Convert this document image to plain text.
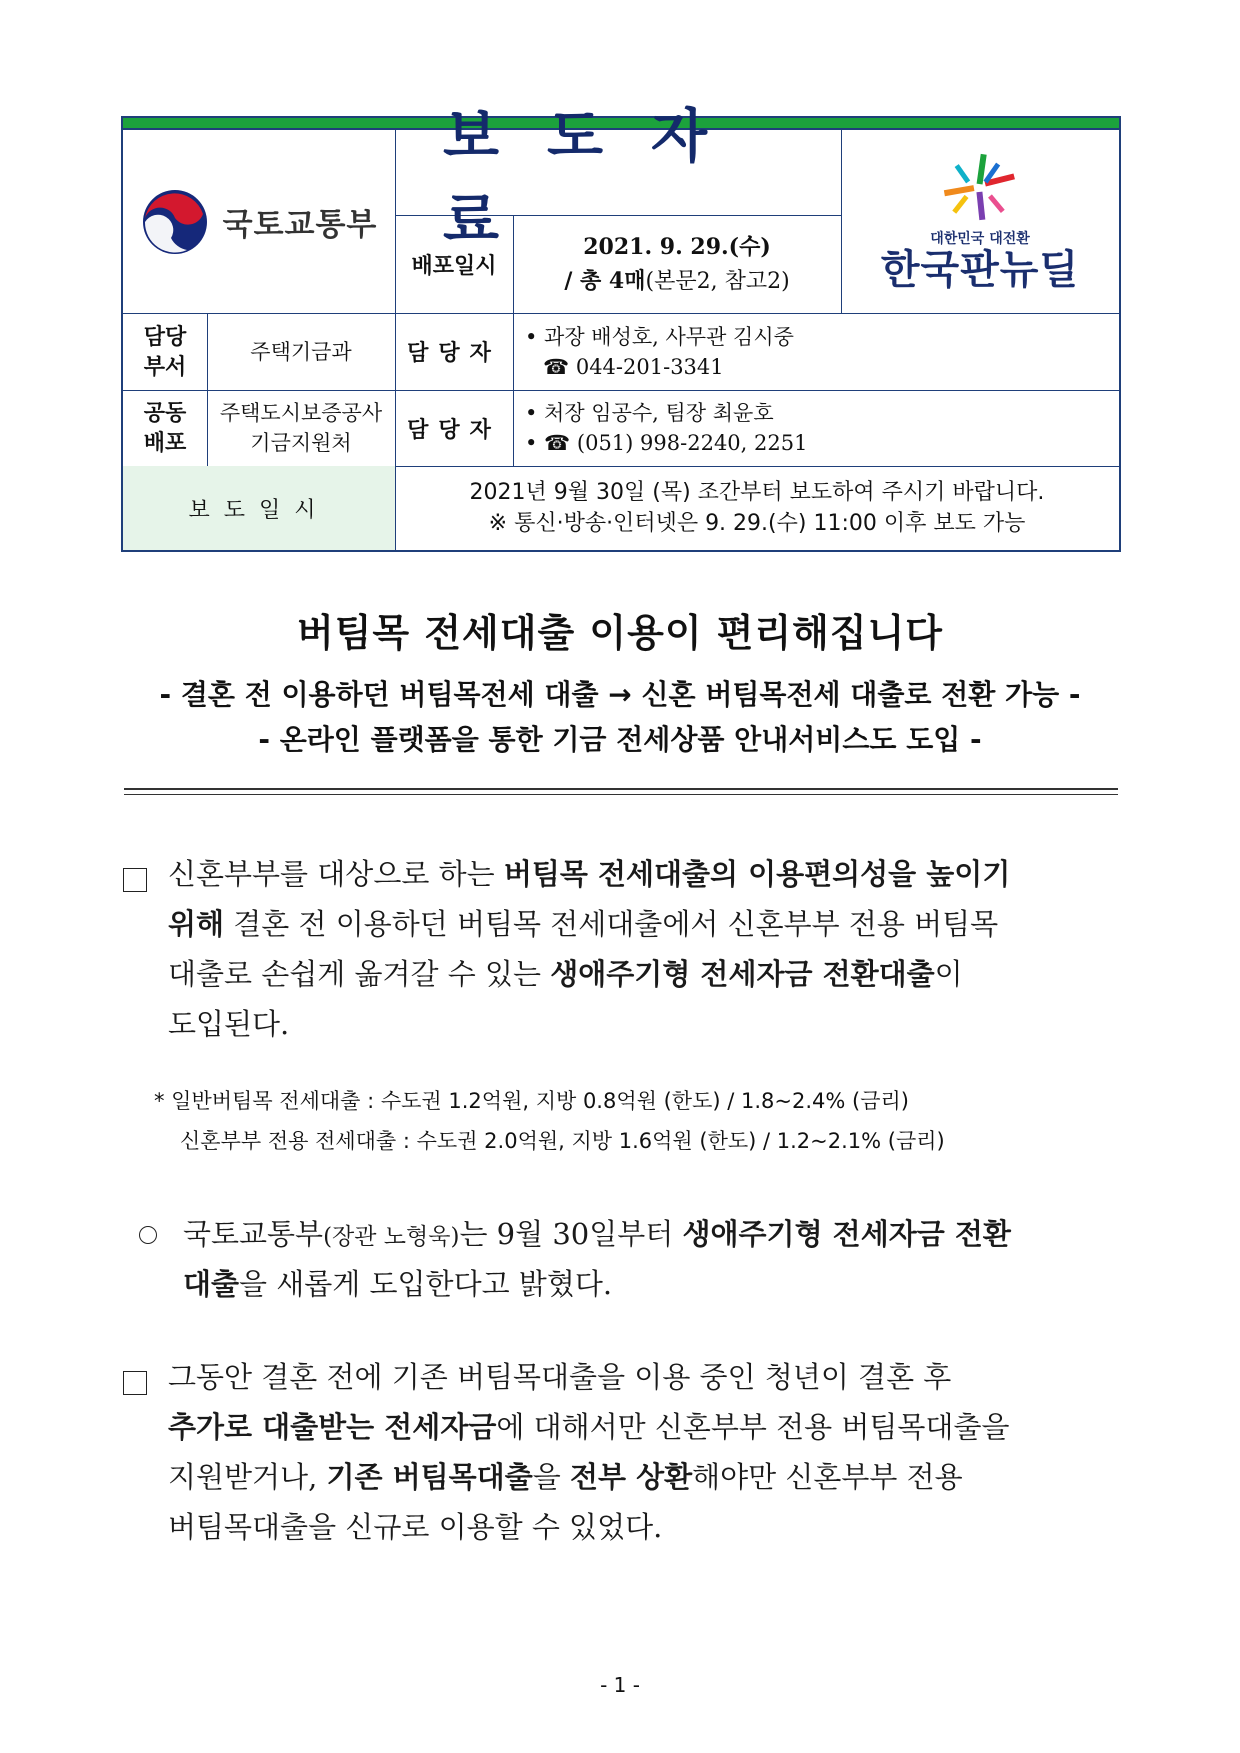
국토교통부
보도자료
배포일시
2021. 9. 29.(수)
/ 총 4매(본문2, 참고2)
대한민국 대전환
한국판뉴딜
담당
부서
주택기금과	담당자
• 과장 배성호, 사무관 김시중
☎ 044-201-3341
공동
배포
주택도시보증공사
기금지원처
담당자
• 처장 임공수, 팀장 최윤호
• ☎ (051) 998-2240, 2251
보도일시
2021년 9월 30일 (목) 조간부터 보도하여 주시기 바랍니다.
※ 통신·방송·인터넷은 9. 29.(수) 11:00 이후 보도 가능
버팀목 전세대출 이용이 편리해집니다
- 결혼 전 이용하던 버팀목전세 대출 → 신혼 버팀목전세 대출로 전환 가능 -
- 온라인 플랫폼을 통한 기금 전세상품 안내서비스도 도입 -
신혼부부를 대상으로 하는 버팀목 전세대출의 이용편의성을 높이기
위해 결혼 전 이용하던 버팀목 전세대출에서 신혼부부 전용 버팀목
대출로 손쉽게 옮겨갈 수 있는 생애주기형 전세자금 전환대출이
도입된다.
* 일반버팀목 전세대출 : 수도권 1.2억원, 지방 0.8억원 (한도) / 1.8~2.4% (금리)
신혼부부 전용 전세대출 : 수도권 2.0억원, 지방 1.6억원 (한도) / 1.2~2.1% (금리)
국토교통부(장관 노형욱)는 9월 30일부터 생애주기형 전세자금 전환
대출을 새롭게 도입한다고 밝혔다.
그동안 결혼 전에 기존 버팀목대출을 이용 중인 청년이 결혼 후
추가로 대출받는 전세자금에 대해서만 신혼부부 전용 버팀목대출을
지원받거나, 기존 버팀목대출을 전부 상환해야만 신혼부부 전용
버팀목대출을 신규로 이용할 수 있었다.
- 1 -
